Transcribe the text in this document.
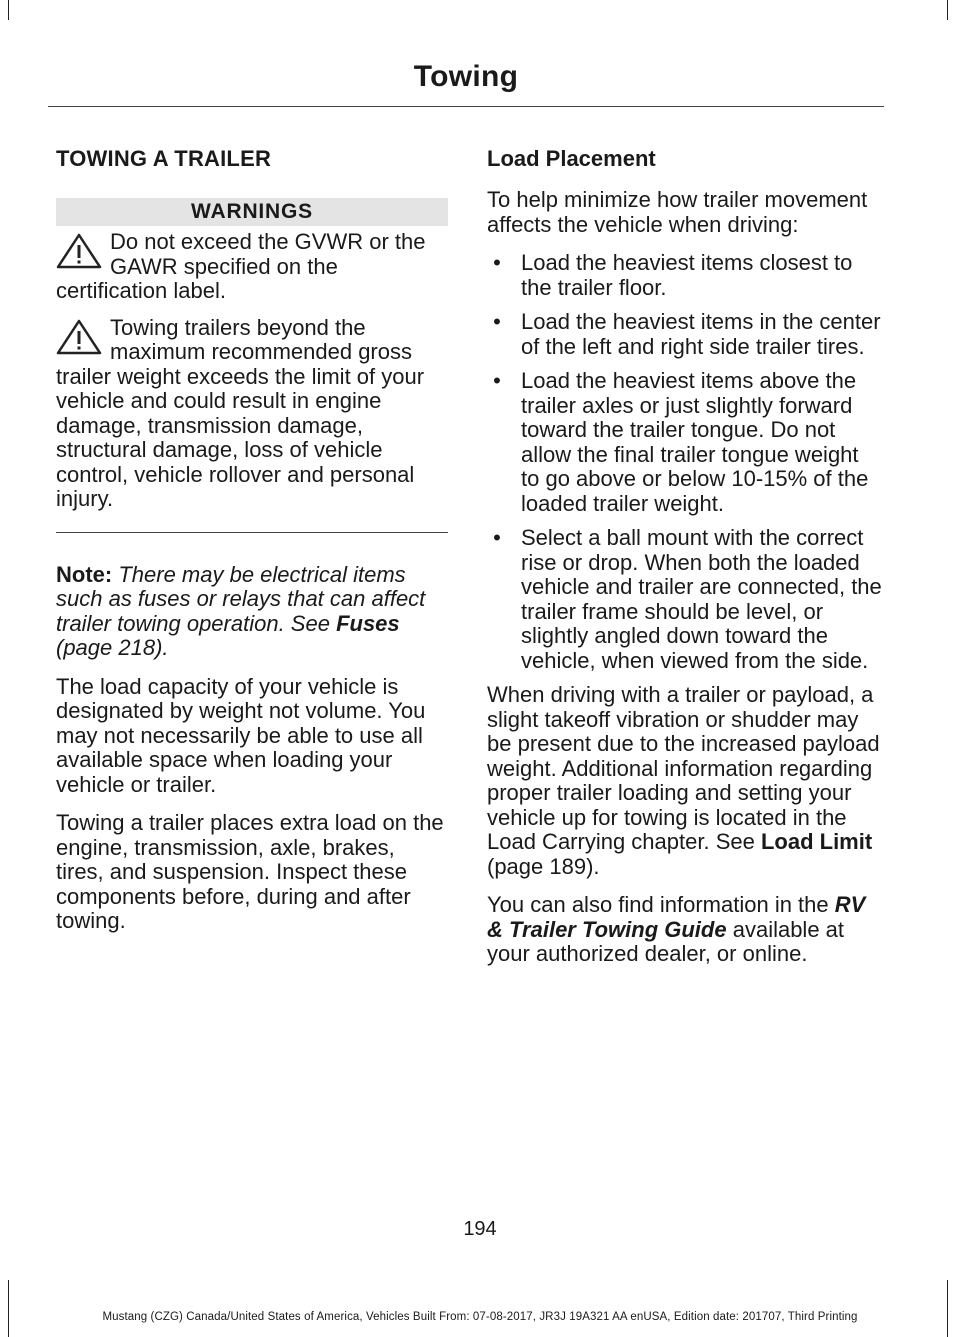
Towing
TOWING A TRAILER
WARNINGS
Do not exceed the GVWR or the GAWR specified on the certification label.
Towing trailers beyond the maximum recommended gross trailer weight exceeds the limit of your vehicle and could result in engine damage, transmission damage, structural damage, loss of vehicle control, vehicle rollover and personal injury.

Note: There may be electrical items such as fuses or relays that can affect trailer towing operation. See Fuses (page 218).

The load capacity of your vehicle is designated by weight not volume. You may not necessarily be able to use all available space when loading your vehicle or trailer.

Towing a trailer places extra load on the engine, transmission, axle, brakes, tires, and suspension. Inspect these components before, during and after towing.

Load Placement

To help minimize how trailer movement affects the vehicle when driving:

• Load the heaviest items closest to the trailer floor.
• Load the heaviest items in the center of the left and right side trailer tires.
• Load the heaviest items above the trailer axles or just slightly forward toward the trailer tongue. Do not allow the final trailer tongue weight to go above or below 10-15% of the loaded trailer weight.
• Select a ball mount with the correct rise or drop. When both the loaded vehicle and trailer are connected, the trailer frame should be level, or slightly angled down toward the vehicle, when viewed from the side.

When driving with a trailer or payload, a slight takeoff vibration or shudder may be present due to the increased payload weight. Additional information regarding proper trailer loading and setting your vehicle up for towing is located in the Load Carrying chapter. See Load Limit (page 189).

You can also find information in the RV & Trailer Towing Guide available at your authorized dealer, or online.

194
Mustang (CZG) Canada/United States of America, Vehicles Built From: 07-08-2017, JR3J 19A321 AA enUSA, Edition date: 201707, Third Printing
